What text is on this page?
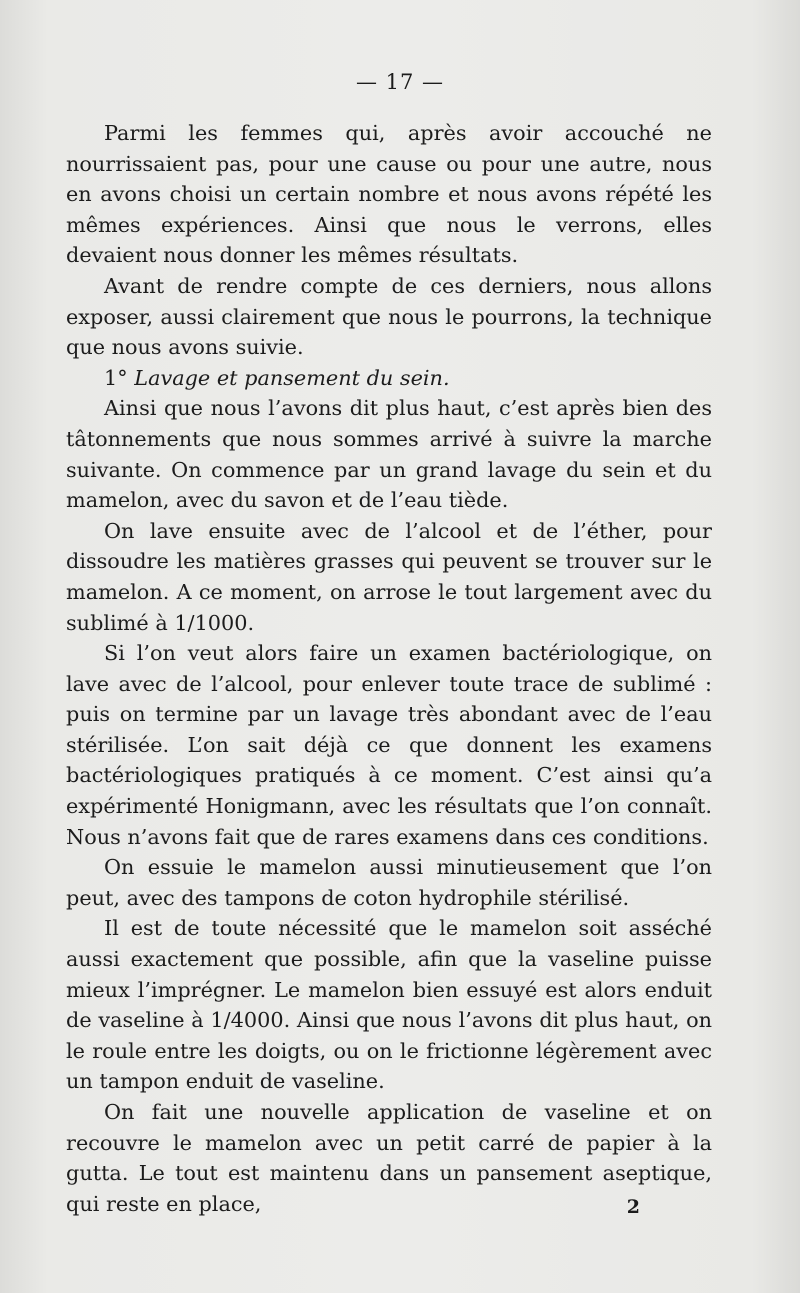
— 17 —

Parmi les femmes qui, après avoir accouché ne nourrissaient pas, pour une cause ou pour une autre, nous en avons choisi un certain nombre et nous avons répété les mêmes expériences. Ainsi que nous le verrons, elles devaient nous donner les mêmes résultats.

Avant de rendre compte de ces derniers, nous allons exposer, aussi clairement que nous le pourrons, la technique que nous avons suivie.

1° Lavage et pansement du sein.

Ainsi que nous l’avons dit plus haut, c’est après bien des tâtonnements que nous sommes arrivé à suivre la marche suivante. On commence par un grand lavage du sein et du mamelon, avec du savon et de l’eau tiède.

On lave ensuite avec de l’alcool et de l’éther, pour dissoudre les matières grasses qui peuvent se trouver sur le mamelon. A ce moment, on arrose le tout largement avec du sublimé à 1/1000.

Si l’on veut alors faire un examen bactériologique, on lave avec de l’alcool, pour enlever toute trace de sublimé : puis on termine par un lavage très abondant avec de l’eau stérilisée. L’on sait déjà ce que donnent les examens bactériologiques pratiqués à ce moment. C’est ainsi qu’a expérimenté Honigmann, avec les résultats que l’on connaît. Nous n’avons fait que de rares examens dans ces conditions.

On essuie le mamelon aussi minutieusement que l’on peut, avec des tampons de coton hydrophile stérilisé.

Il est de toute nécessité que le mamelon soit asséché aussi exactement que possible, afin que la vaseline puisse mieux l’imprégner. Le mamelon bien essuyé est alors enduit de vaseline à 1/4000. Ainsi que nous l’avons dit plus haut, on le roule entre les doigts, ou on le frictionne légèrement avec un tampon enduit de vaseline.

On fait une nouvelle application de vaseline et on recouvre le mamelon avec un petit carré de papier à la gutta. Le tout est maintenu dans un pansement aseptique, qui reste en place,	2
